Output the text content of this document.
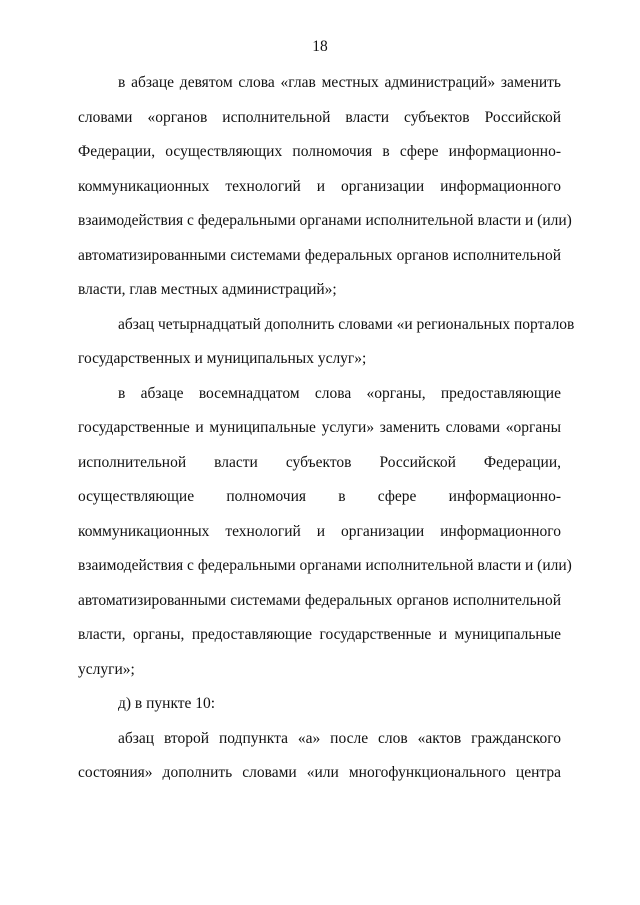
18
в абзаце девятом слова «глав местных администраций» заменить
словами «органов исполнительной власти субъектов Российской
Федерации, осуществляющих полномочия в сфере информационно-
коммуникационных технологий и организации информационного
взаимодействия с федеральными органами исполнительной власти и (или)
автоматизированными системами федеральных органов исполнительной
власти, глав местных администраций»;
абзац четырнадцатый дополнить словами «и региональных порталов
государственных и муниципальных услуг»;
в абзаце восемнадцатом слова «органы, предоставляющие
государственные и муниципальные услуги» заменить словами «органы
исполнительной власти субъектов Российской Федерации,
осуществляющие полномочия в сфере информационно-
коммуникационных технологий и организации информационного
взаимодействия с федеральными органами исполнительной власти и (или)
автоматизированными системами федеральных органов исполнительной
власти, органы, предоставляющие государственные и муниципальные
услуги»;
д) в пункте 10:
абзац второй подпункта «а» после слов «актов гражданского
состояния» дополнить словами «или многофункционального центра
